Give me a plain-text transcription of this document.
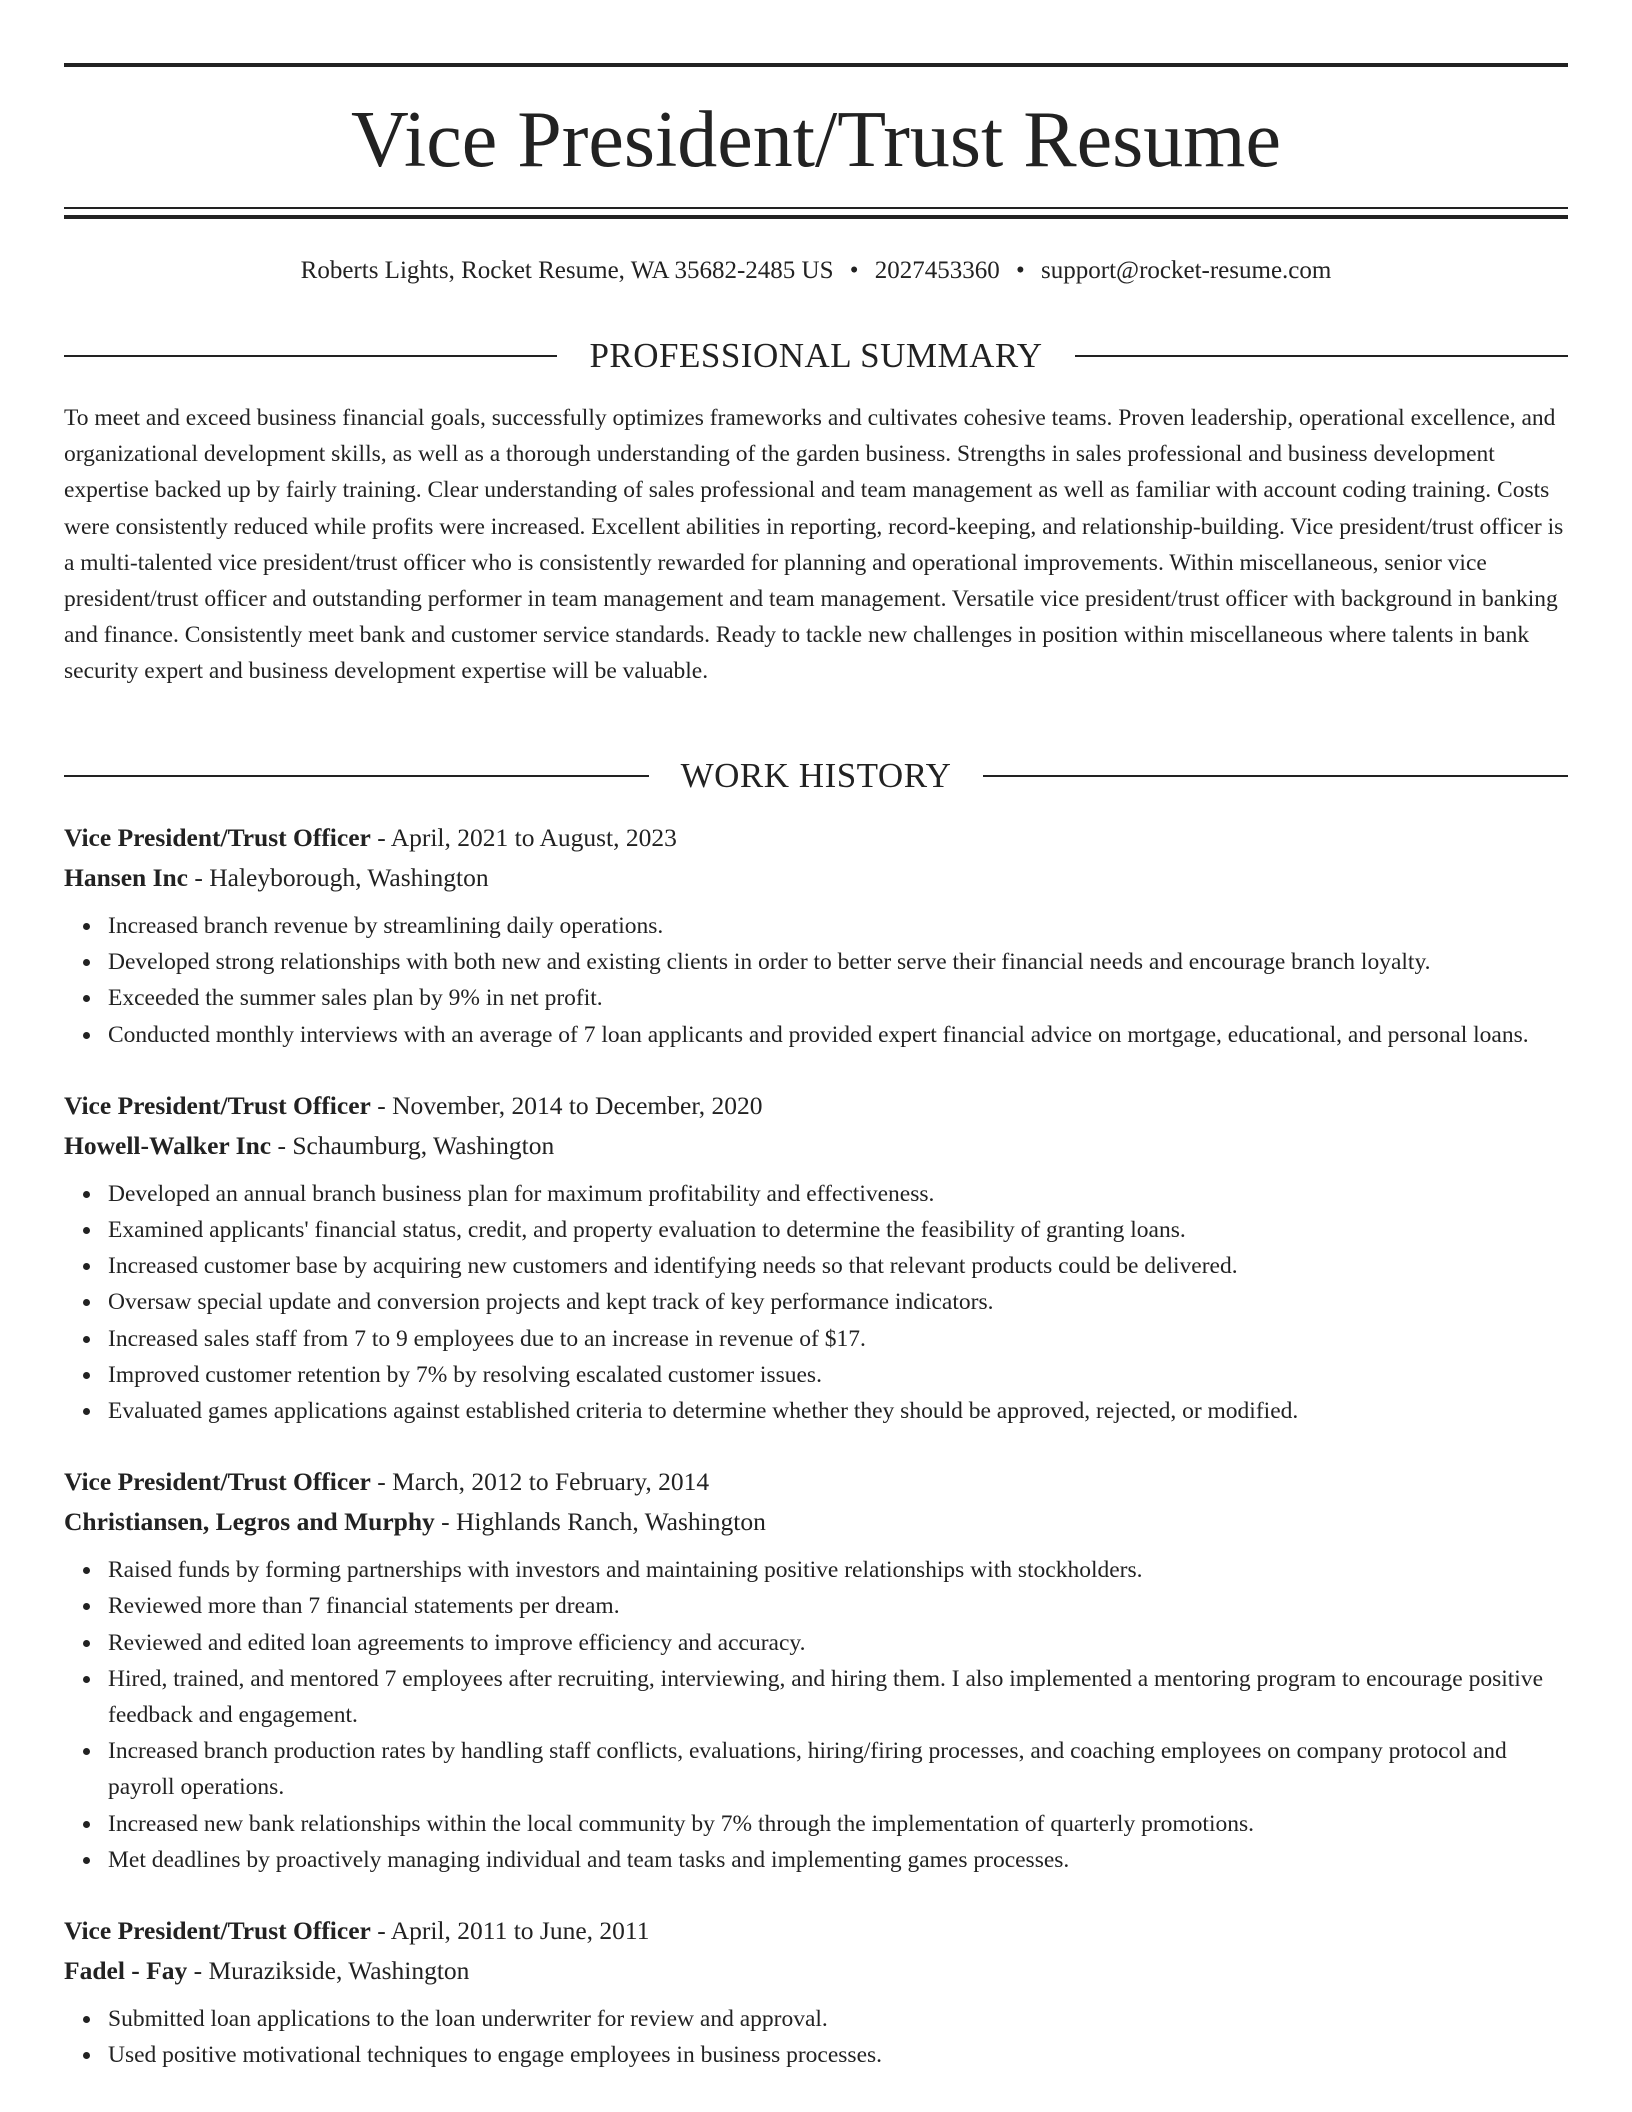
Vice President/Trust Resume
Roberts Lights, Rocket Resume, WA 35682-2485 US • 2027453360 • support@rocket-resume.com
PROFESSIONAL SUMMARY

To meet and exceed business financial goals, successfully optimizes frameworks and cultivates cohesive teams. Proven leadership, operational excellence, and organizational development skills, as well as a thorough understanding of the garden business. Strengths in sales professional and business development expertise backed up by fairly training. Clear understanding of sales professional and team management as well as familiar with account coding training. Costs were consistently reduced while profits were increased. Excellent abilities in reporting, record-keeping, and relationship-building. Vice president/trust officer is a multi-talented vice president/trust officer who is consistently rewarded for planning and operational improvements. Within miscellaneous, senior vice president/trust officer and outstanding performer in team management and team management. Versatile vice president/trust officer with background in banking and finance. Consistently meet bank and customer service standards. Ready to tackle new challenges in position within miscellaneous where talents in bank security expert and business development expertise will be valuable.

WORK HISTORY
Vice President/Trust Officer - April, 2021 to August, 2023
Hansen Inc - Haleyborough, Washington
Increased branch revenue by streamlining daily operations.
Developed strong relationships with both new and existing clients in order to better serve their financial needs and encourage branch loyalty.
Exceeded the summer sales plan by 9% in net profit.
Conducted monthly interviews with an average of 7 loan applicants and provided expert financial advice on mortgage, educational, and personal loans.
Vice President/Trust Officer - November, 2014 to December, 2020
Howell-Walker Inc - Schaumburg, Washington
Developed an annual branch business plan for maximum profitability and effectiveness.
Examined applicants' financial status, credit, and property evaluation to determine the feasibility of granting loans.
Increased customer base by acquiring new customers and identifying needs so that relevant products could be delivered.
Oversaw special update and conversion projects and kept track of key performance indicators.
Increased sales staff from 7 to 9 employees due to an increase in revenue of $17.
Improved customer retention by 7% by resolving escalated customer issues.
Evaluated games applications against established criteria to determine whether they should be approved, rejected, or modified.
Vice President/Trust Officer - March, 2012 to February, 2014
Christiansen, Legros and Murphy - Highlands Ranch, Washington
Raised funds by forming partnerships with investors and maintaining positive relationships with stockholders.
Reviewed more than 7 financial statements per dream.
Reviewed and edited loan agreements to improve efficiency and accuracy.
Hired, trained, and mentored 7 employees after recruiting, interviewing, and hiring them. I also implemented a mentoring program to encourage positive feedback and engagement.
Increased branch production rates by handling staff conflicts, evaluations, hiring/firing processes, and coaching employees on company protocol and payroll operations.
Increased new bank relationships within the local community by 7% through the implementation of quarterly promotions.
Met deadlines by proactively managing individual and team tasks and implementing games processes.
Vice President/Trust Officer - April, 2011 to June, 2011
Fadel - Fay - Murazikside, Washington
Submitted loan applications to the loan underwriter for review and approval.
Used positive motivational techniques to engage employees in business processes.
